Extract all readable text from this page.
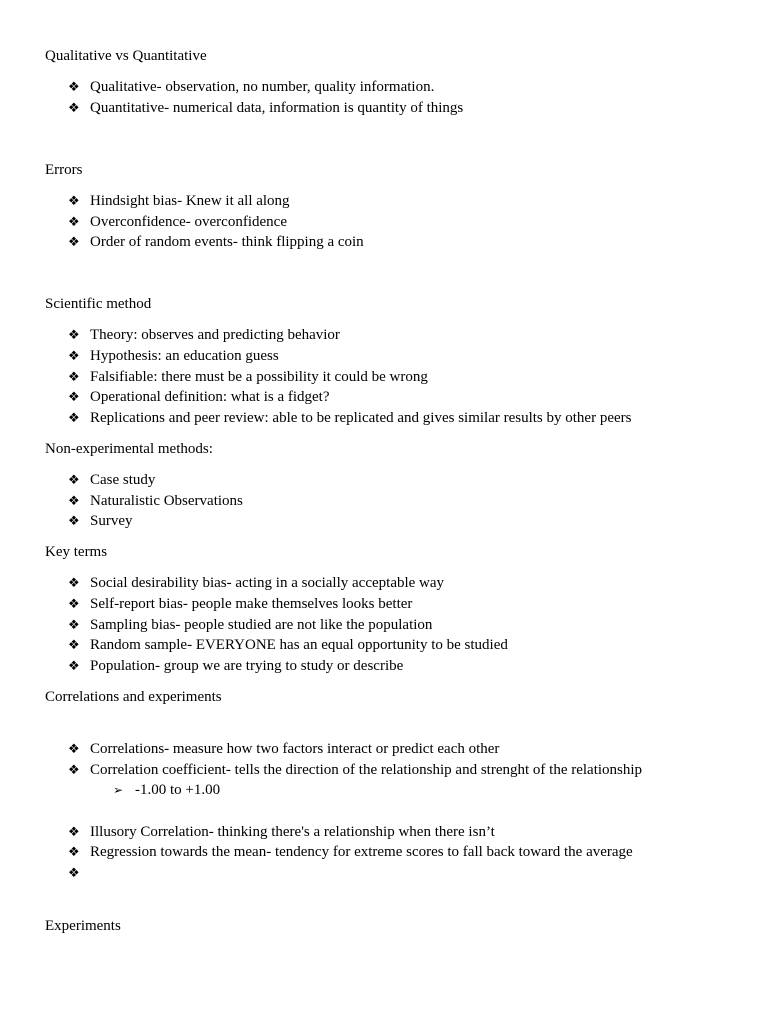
Qualitative vs Quantitative
❖ Qualitative- observation, no number, quality information.
❖ Quantitative- numerical data, information is quantity of things
Errors
❖ Hindsight bias- Knew it all along
❖ Overconfidence- overconfidence
❖ Order of random events- think flipping a coin
Scientific method
❖ Theory: observes and predicting behavior
❖ Hypothesis: an education guess
❖ Falsifiable: there must be a possibility it could be wrong
❖ Operational definition: what is a fidget?
❖ Replications and peer review: able to be replicated and gives similar results by other peers
Non-experimental methods:
❖ Case study
❖ Naturalistic Observations
❖ Survey
Key terms
❖ Social desirability bias- acting in a socially acceptable way
❖ Self-report bias- people make themselves looks better
❖ Sampling bias- people studied are not like the population
❖ Random sample- EVERYONE has an equal opportunity to be studied
❖ Population- group we are trying to study or describe
Correlations and experiments
❖ Correlations- measure how two factors interact or predict each other
❖ Correlation coefficient- tells the direction of the relationship and strenght of the relationship
➢ -1.00 to +1.00
❖ Illusory Correlation- thinking there's a relationship when there isn’t
❖ Regression towards the mean- tendency for extreme scores to fall back toward the average
❖
Experiments
